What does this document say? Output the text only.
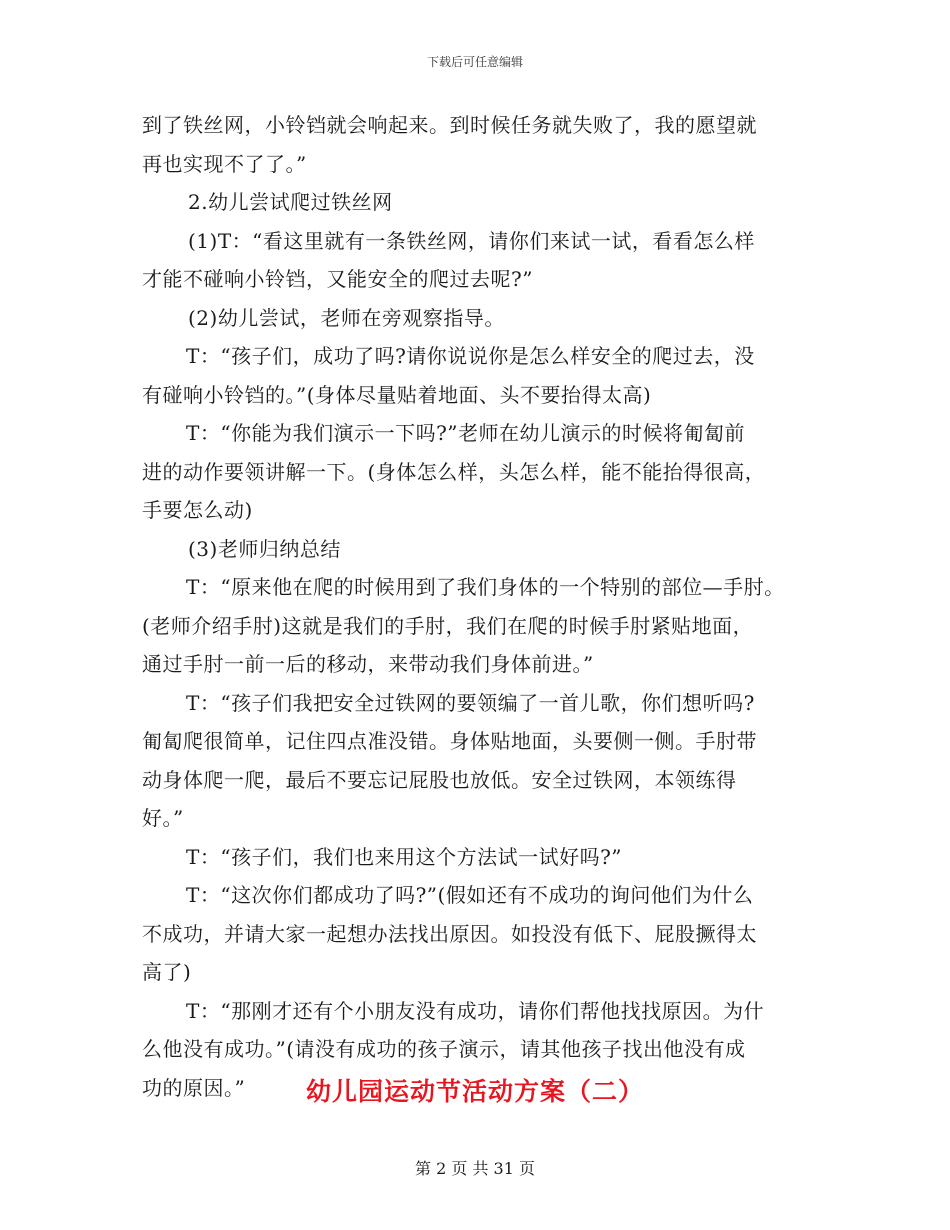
下载后可任意编辑
到了铁丝网，小铃铛就会响起来。到时候任务就失败了，我的愿望就
再也实现不了了。”
2.幼儿尝试爬过铁丝网
(1)T：“看这里就有一条铁丝网，请你们来试一试，看看怎么样
才能不碰响小铃铛，又能安全的爬过去呢?”
(2)幼儿尝试，老师在旁观察指导。
T：“孩子们，成功了吗?请你说说你是怎么样安全的爬过去，没
有碰响小铃铛的。”(身体尽量贴着地面、头不要抬得太高)
T：“你能为我们演示一下吗?”老师在幼儿演示的时候将匍匐前
进的动作要领讲解一下。(身体怎么样，头怎么样，能不能抬得很高，
手要怎么动)
(3)老师归纳总结
T：“原来他在爬的时候用到了我们身体的一个特别的部位—手肘。
(老师介绍手肘)这就是我们的手肘，我们在爬的时候手肘紧贴地面，
通过手肘一前一后的移动，来带动我们身体前进。”
T：“孩子们我把安全过铁网的要领编了一首儿歌，你们想听吗?
匍匐爬很简单，记住四点准没错。身体贴地面，头要侧一侧。手肘带
动身体爬一爬，最后不要忘记屁股也放低。安全过铁网，本领练得
好。”
T：“孩子们，我们也来用这个方法试一试好吗?”
T：“这次你们都成功了吗?”(假如还有不成功的询问他们为什么
不成功，并请大家一起想办法找出原因。如投没有低下、屁股撅得太
高了)
T：“那刚才还有个小朋友没有成功，请你们帮他找找原因。为什
么他没有成功。”(请没有成功的孩子演示，请其他孩子找出他没有成
功的原因。”	幼儿园运动节活动方案（二）
第 2 页 共 31 页
